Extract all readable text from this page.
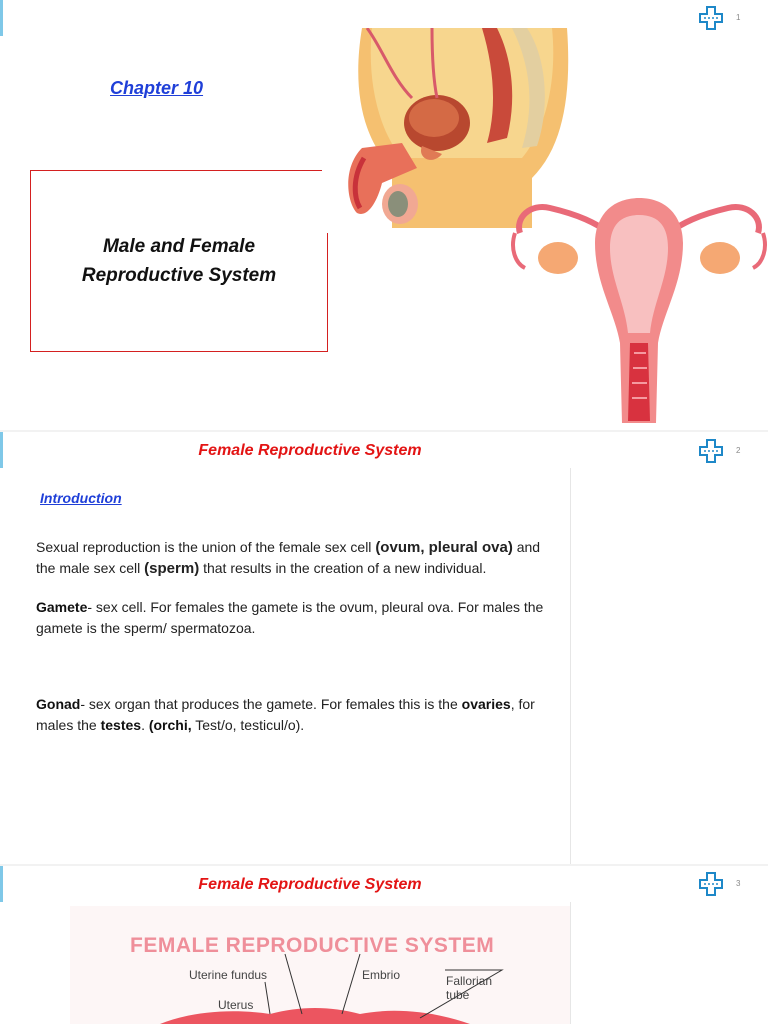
1
Chapter 10
Male and Female
Reproductive System
Female Reproductive System	2
Introduction
Sexual reproduction is the union of the female sex cell (ovum, pleural ova) and the male sex cell (sperm) that results in the creation of a new individual.
Gamete- sex cell. For females the gamete is the ovum, pleural ova. For males the gamete is the sperm/ spermatozoa.
Gonad- sex organ that produces the gamete. For females this is the ovaries, for males the testes. (orchi, Test/o, testicul/o).
Female Reproductive System	3
FEMALE REPRODUCTIVE SYSTEM
Uterine fundus	Embrio	Fallorian
tube
Uterus
